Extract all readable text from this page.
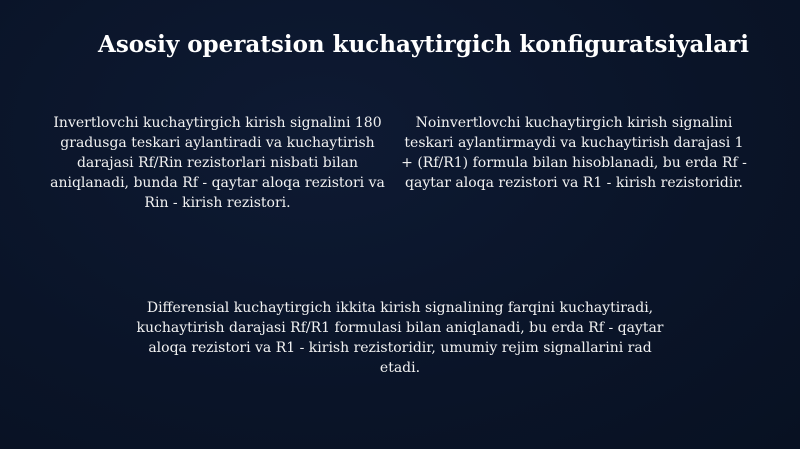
Asosiy operatsion kuchaytirgich konfiguratsiyalari
Invertlovchi kuchaytirgich kirish signalini 180 gradusga teskari aylantiradi va kuchaytirish darajasi Rf/Rin rezistorlari nisbati bilan aniqlanadi, bunda Rf - qaytar aloqa rezistori va Rin - kirish rezistori.
Noinvertlovchi kuchaytirgich kirish signalini teskari aylantirmaydi va kuchaytirish darajasi 1 + (Rf/R1) formula bilan hisoblanadi, bu erda Rf - qaytar aloqa rezistori va R1 - kirish rezistoridir.
Differensial kuchaytirgich ikkita kirish signalining farqini kuchaytiradi, kuchaytirish darajasi Rf/R1 formulasi bilan aniqlanadi, bu erda Rf - qaytar aloqa rezistori va R1 - kirish rezistoridir, umumiy rejim signallarini rad etadi.
